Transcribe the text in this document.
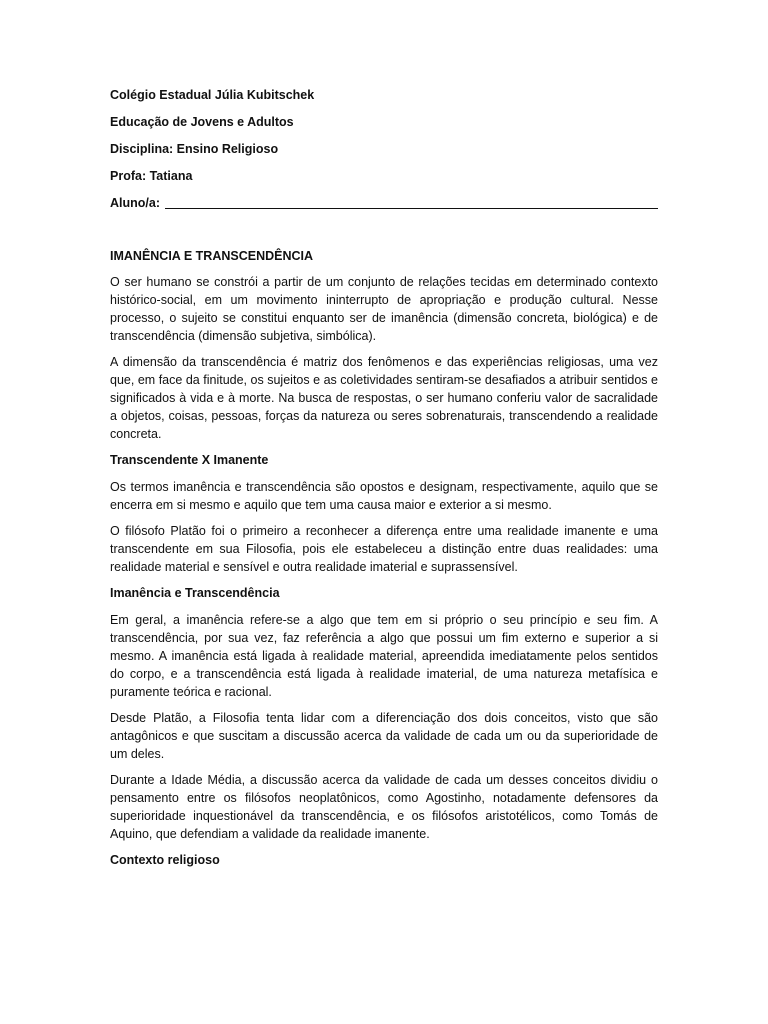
Colégio Estadual Júlia Kubitschek
Educação de Jovens e Adultos
Disciplina: Ensino Religioso
Profa: Tatiana
Aluno/a:
IMANÊNCIA E TRANSCENDÊNCIA

O ser humano se constrói a partir de um conjunto de relações tecidas em determinado contexto histórico-social, em um movimento ininterrupto de apropriação e produção cultural. Nesse processo, o sujeito se constitui enquanto ser de imanência (dimensão concreta, biológica) e de transcendência (dimensão subjetiva, simbólica).

A dimensão da transcendência é matriz dos fenômenos e das experiências religiosas, uma vez que, em face da finitude, os sujeitos e as coletividades sentiram-se desafiados a atribuir sentidos e significados à vida e à morte. Na busca de respostas, o ser humano conferiu valor de sacralidade a objetos, coisas, pessoas, forças da natureza ou seres sobrenaturais, transcendendo a realidade concreta.

Transcendente X Imanente

Os termos imanência e transcendência são opostos e designam, respectivamente, aquilo que se encerra em si mesmo e aquilo que tem uma causa maior e exterior a si mesmo.

O filósofo Platão foi o primeiro a reconhecer a diferença entre uma realidade imanente e uma transcendente em sua Filosofia, pois ele estabeleceu a distinção entre duas realidades: uma realidade material e sensível e outra realidade imaterial e suprassensível.

Imanência e Transcendência

Em geral, a imanência refere-se a algo que tem em si próprio o seu princípio e seu fim. A transcendência, por sua vez, faz referência a algo que possui um fim externo e superior a si mesmo. A imanência está ligada à realidade material, apreendida imediatamente pelos sentidos do corpo, e a transcendência está ligada à realidade imaterial, de uma natureza metafísica e puramente teórica e racional.

Desde Platão, a Filosofia tenta lidar com a diferenciação dos dois conceitos, visto que são antagônicos e que suscitam a discussão acerca da validade de cada um ou da superioridade de um deles.

Durante a Idade Média, a discussão acerca da validade de cada um desses conceitos dividiu o pensamento entre os filósofos neoplatônicos, como Agostinho, notadamente defensores da superioridade inquestionável da transcendência, e os filósofos aristotélicos, como Tomás de Aquino, que defendiam a validade da realidade imanente.

Contexto religioso
